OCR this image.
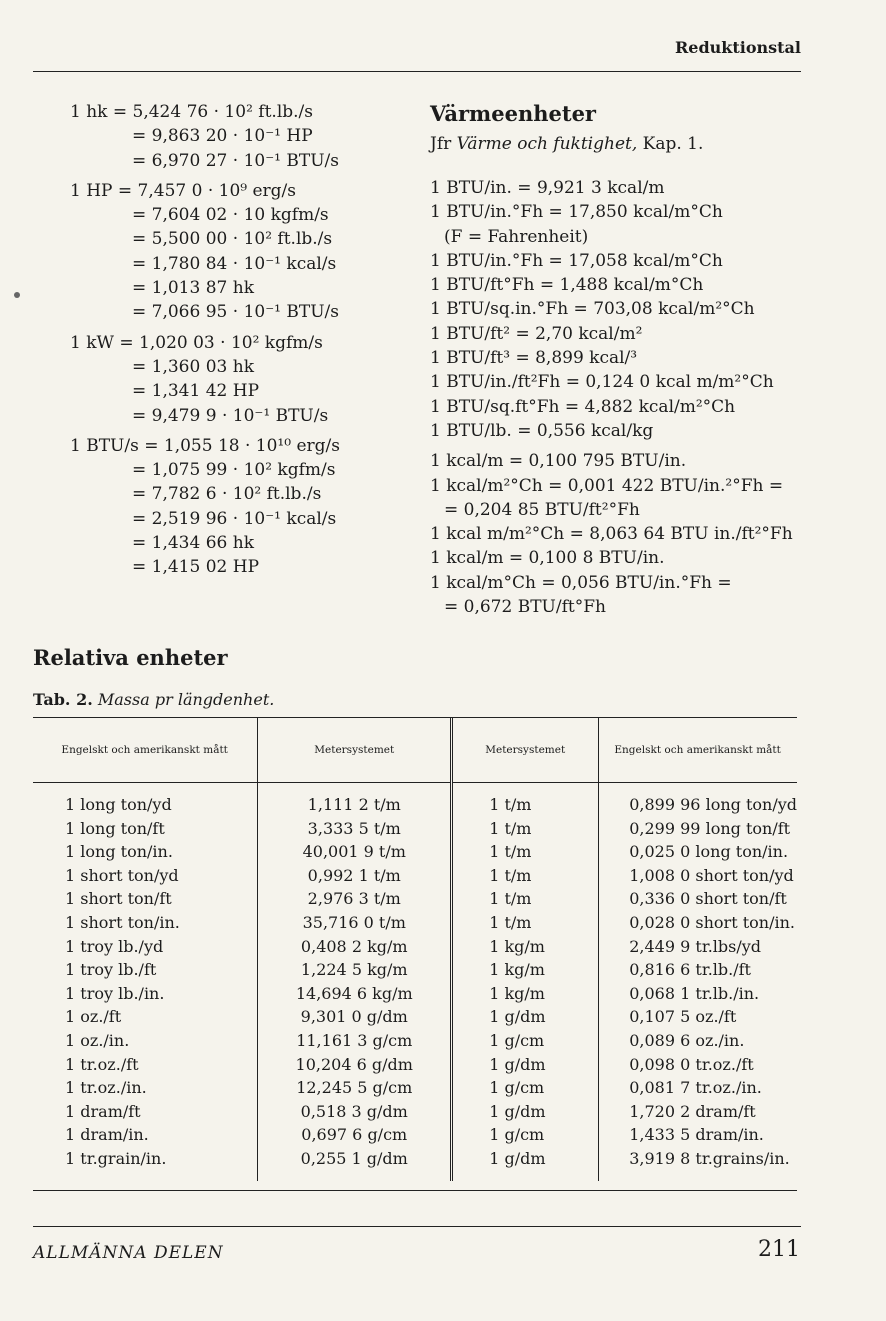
Reduktionstal
1 hk = 5,424 76 · 10² ft.lb./s
= 9,863 20 · 10⁻¹ HP
= 6,970 27 · 10⁻¹ BTU/s
1 HP = 7,457 0 · 10⁹ erg/s
= 7,604 02 · 10 kgfm/s
= 5,500 00 · 10² ft.lb./s
= 1,780 84 · 10⁻¹ kcal/s
= 1,013 87 hk
= 7,066 95 · 10⁻¹ BTU/s
1 kW = 1,020 03 · 10² kgfm/s
= 1,360 03 hk
= 1,341 42 HP
= 9,479 9 · 10⁻¹ BTU/s
1 BTU/s = 1,055 18 · 10¹⁰ erg/s
= 1,075 99 · 10² kgfm/s
= 7,782 6 · 10² ft.lb./s
= 2,519 96 · 10⁻¹ kcal/s
= 1,434 66 hk
= 1,415 02 HP
Värmeenheter
Jfr Värme och fuktighet, Kap. 1.
1 BTU/in. = 9,921 3 kcal/m
1 BTU/in.°Fh = 17,850 kcal/m°Ch
(F = Fahrenheit)
1 BTU/in.°Fh = 17,058 kcal/m°Ch
1 BTU/ft°Fh = 1,488 kcal/m°Ch
1 BTU/sq.in.°Fh = 703,08 kcal/m²°Ch
1 BTU/ft² = 2,70 kcal/m²
1 BTU/ft³ = 8,899 kcal/³
1 BTU/in./ft²Fh = 0,124 0 kcal m/m²°Ch
1 BTU/sq.ft°Fh = 4,882 kcal/m²°Ch
1 BTU/lb. = 0,556 kcal/kg
1 kcal/m = 0,100 795 BTU/in.
1 kcal/m²°Ch = 0,001 422 BTU/in.²°Fh =
= 0,204 85 BTU/ft²°Fh
1 kcal m/m²°Ch = 8,063 64 BTU in./ft²°Fh
1 kcal/m = 0,100 8 BTU/in.
1 kcal/m°Ch = 0,056 BTU/in.°Fh =
= 0,672 BTU/ft°Fh
Relativa enheter
Tab. 2. Massa pr längdenhet.
Engelskt och amerikanskt mått	Metersystemet	Metersystemet	Engelskt och amerikanskt mått

1 long ton/yd	1,111 2 t/m	1 t/m	0,899 96 long ton/yd
1 long ton/ft	3,333 5 t/m	1 t/m	0,299 99 long ton/ft
1 long ton/in.	40,001 9 t/m	1 t/m	0,025 0 long ton/in.
1 short ton/yd	0,992 1 t/m	1 t/m	1,008 0 short ton/yd
1 short ton/ft	2,976 3 t/m	1 t/m	0,336 0 short ton/ft
1 short ton/in.	35,716 0 t/m	1 t/m	0,028 0 short ton/in.
1 troy lb./yd	0,408 2 kg/m	1 kg/m	2,449 9 tr.lbs/yd
1 troy lb./ft	1,224 5 kg/m	1 kg/m	0,816 6 tr.lb./ft
1 troy lb./in.	14,694 6 kg/m	1 kg/m	0,068 1 tr.lb./in.
1 oz./ft	9,301 0 g/dm	1 g/dm	0,107 5 oz./ft
1 oz./in.	11,161 3 g/cm	1 g/cm	0,089 6 oz./in.
1 tr.oz./ft	10,204 6 g/dm	1 g/dm	0,098 0 tr.oz./ft
1 tr.oz./in.	12,245 5 g/cm	1 g/cm	0,081 7 tr.oz./in.
1 dram/ft	0,518 3 g/dm	1 g/dm	1,720 2 dram/ft
1 dram/in.	0,697 6 g/cm	1 g/cm	1,433 5 dram/in.
1 tr.grain/in.	0,255 1 g/dm	1 g/dm	3,919 8 tr.grains/in.

ALLMÄNNA DELEN	211
